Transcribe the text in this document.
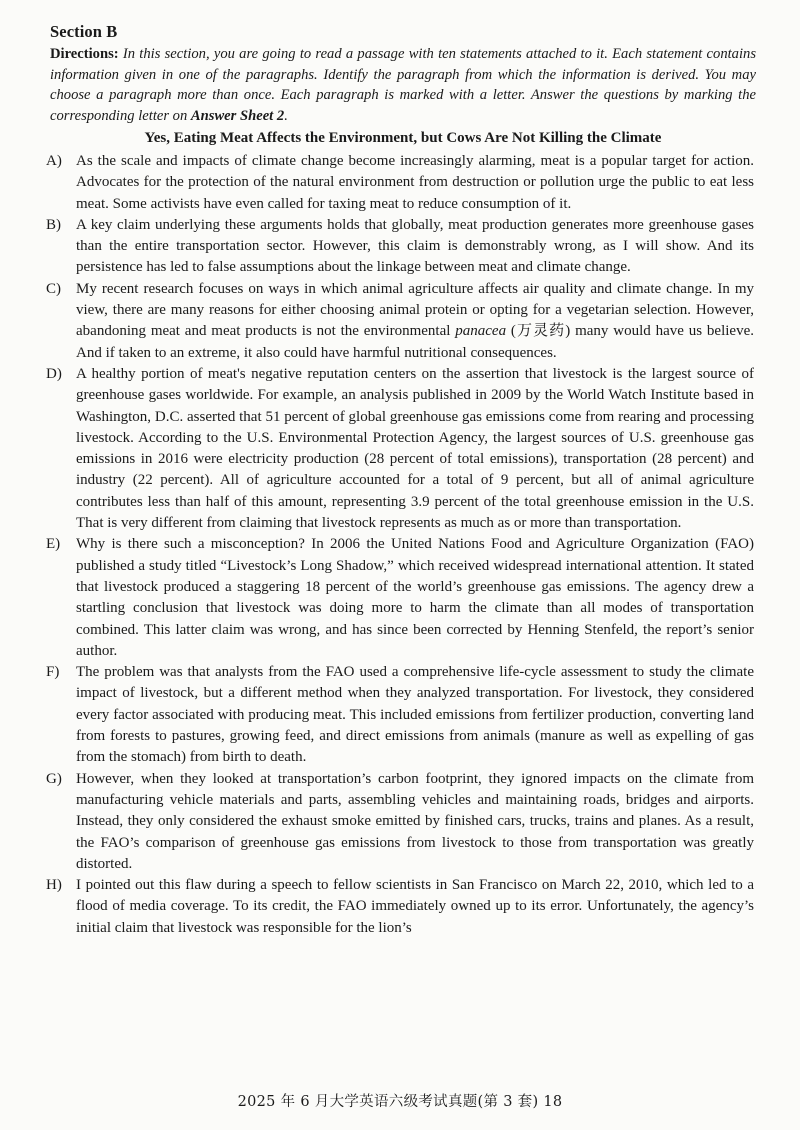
Section B
Directions: In this section, you are going to read a passage with ten statements attached to it. Each statement contains information given in one of the paragraphs. Identify the paragraph from which the information is derived. You may choose a paragraph more than once. Each paragraph is marked with a letter. Answer the questions by marking the corresponding letter on Answer Sheet 2.
Yes, Eating Meat Affects the Environment, but Cows Are Not Killing the Climate
A) As the scale and impacts of climate change become increasingly alarming, meat is a popular target for action. Advocates for the protection of the natural environment from destruction or pollution urge the public to eat less meat. Some activists have even called for taxing meat to reduce consumption of it.
B) A key claim underlying these arguments holds that globally, meat production generates more greenhouse gases than the entire transportation sector. However, this claim is demonstrably wrong, as I will show. And its persistence has led to false assumptions about the linkage between meat and climate change.
C) My recent research focuses on ways in which animal agriculture affects air quality and climate change. In my view, there are many reasons for either choosing animal protein or opting for a vegetarian selection. However, abandoning meat and meat products is not the environmental panacea (万灵药) many would have us believe. And if taken to an extreme, it also could have harmful nutritional consequences.
D) A healthy portion of meat's negative reputation centers on the assertion that livestock is the largest source of greenhouse gases worldwide. For example, an analysis published in 2009 by the World Watch Institute based in Washington, D.C. asserted that 51 percent of global greenhouse gas emissions come from rearing and processing livestock. According to the U.S. Environmental Protection Agency, the largest sources of U.S. greenhouse gas emissions in 2016 were electricity production (28 percent of total emissions), transportation (28 percent) and industry (22 percent). All of agriculture accounted for a total of 9 percent, but all of animal agriculture contributes less than half of this amount, representing 3.9 percent of the total greenhouse emission in the U.S. That is very different from claiming that livestock represents as much as or more than transportation.
E) Why is there such a misconception? In 2006 the United Nations Food and Agriculture Organization (FAO) published a study titled “Livestock’s Long Shadow,” which received widespread international attention. It stated that livestock produced a staggering 18 percent of the world’s greenhouse gas emissions. The agency drew a startling conclusion that livestock was doing more to harm the climate than all modes of transportation combined. This latter claim was wrong, and has since been corrected by Henning Stenfeld, the report’s senior author.
F) The problem was that analysts from the FAO used a comprehensive life-cycle assessment to study the climate impact of livestock, but a different method when they analyzed transportation. For livestock, they considered every factor associated with producing meat. This included emissions from fertilizer production, converting land from forests to pastures, growing feed, and direct emissions from animals (manure as well as expelling of gas from the stomach) from birth to death.
G) However, when they looked at transportation’s carbon footprint, they ignored impacts on the climate from manufacturing vehicle materials and parts, assembling vehicles and maintaining roads, bridges and airports. Instead, they only considered the exhaust smoke emitted by finished cars, trucks, trains and planes. As a result, the FAO’s comparison of greenhouse gas emissions from livestock to those from transportation was greatly distorted.
H) I pointed out this flaw during a speech to fellow scientists in San Francisco on March 22, 2010, which led to a flood of media coverage. To its credit, the FAO immediately owned up to its error. Unfortunately, the agency’s initial claim that livestock was responsible for the lion’s
2025 年 6 月大学英语六级考试真题(第 3 套) 18
